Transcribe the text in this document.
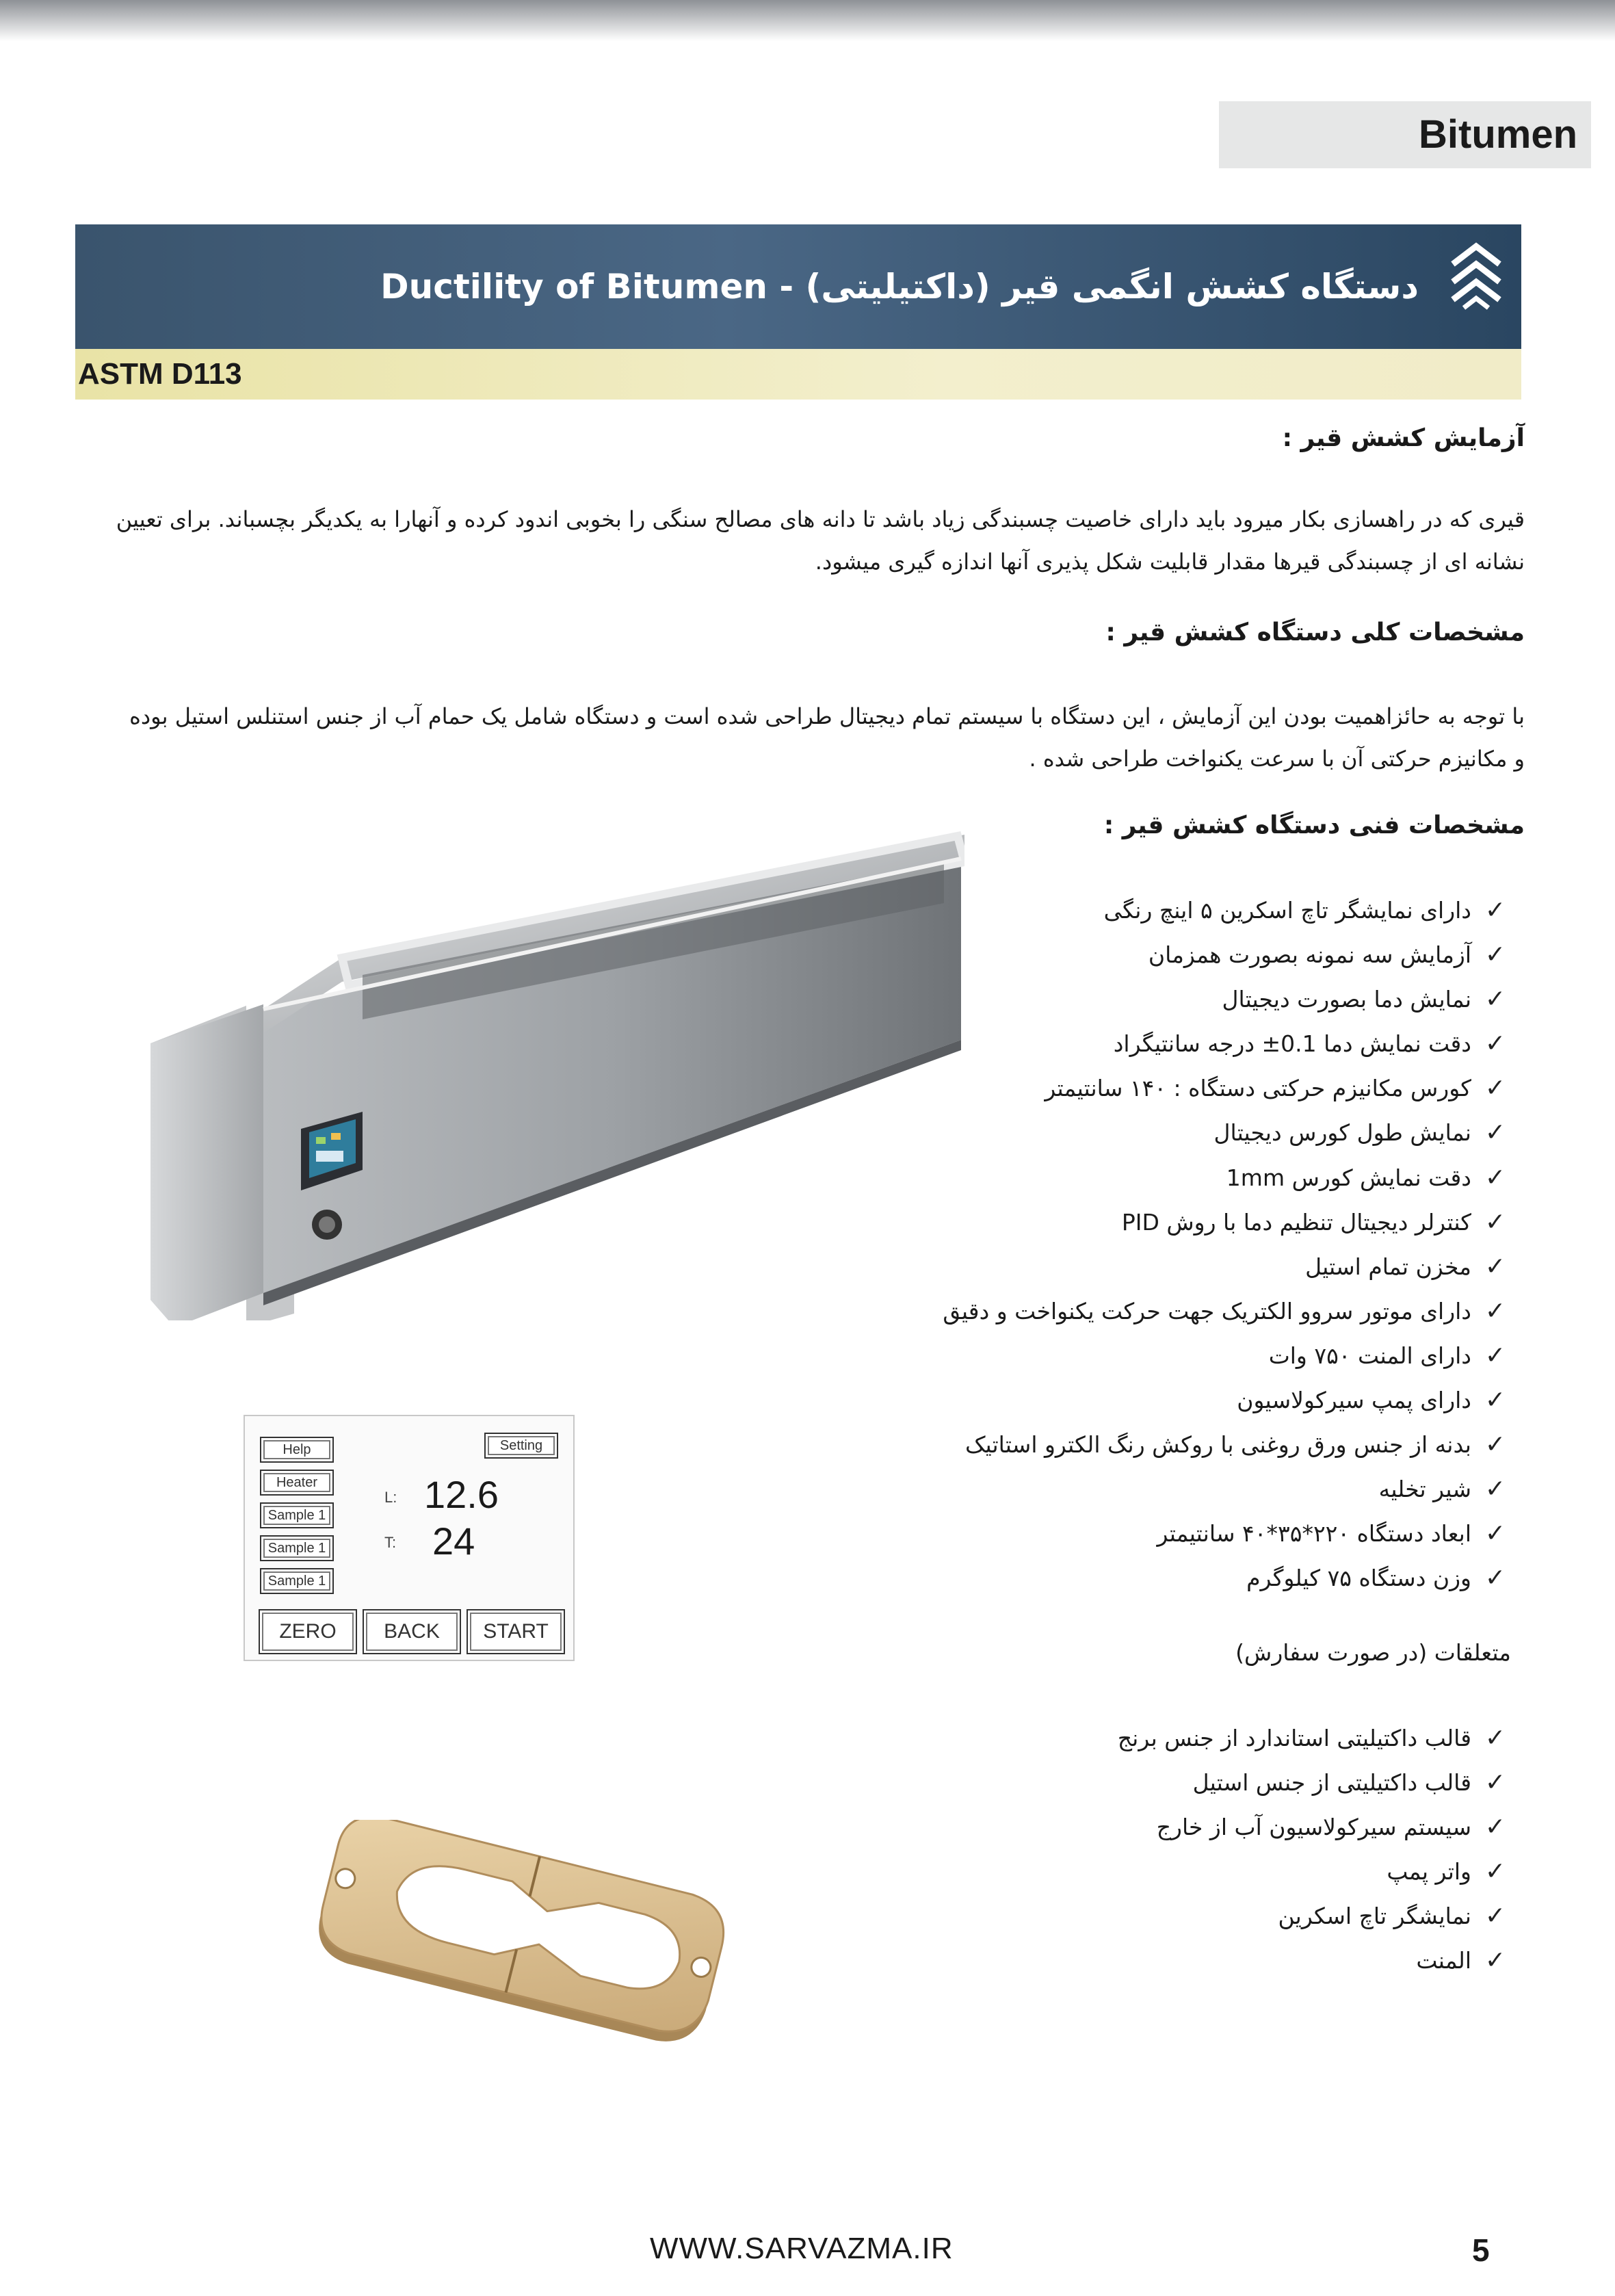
Bitumen
دستگاه کشش انگمی قیر (داکتیلیتی) - Ductility of Bitumen
ASTM D113
آزمایش کشش قیر :
قیری که در راهسازی بکار میرود باید دارای خاصیت چسبندگی زیاد باشد تا دانه های مصالح سنگی را بخوبی اندود کرده و آنهارا به یکدیگر بچسباند. برای تعیین نشانه ای از چسبندگی قیرها مقدار قابلیت شکل پذیری آنها اندازه گیری میشود.
مشخصات کلی دستگاه کشش قیر :
با توجه به حائزاهمیت بودن این آزمایش ، این دستگاه با سیستم تمام دیجیتال طراحی شده است و دستگاه شامل یک حمام آب از جنس استنلس استیل بوده و مکانیزم حرکتی آن با سرعت یکنواخت طراحی شده .
مشخصات فنی دستگاه کشش قیر :
✓دارای نمایشگر تاچ اسکرین ۵ اینچ رنگی
✓آزمایش سه نمونه بصورت همزمان
✓نمایش دما بصورت دیجیتال
✓دقت نمایش دما 0.1± درجه سانتیگراد
✓کورس مکانیزم حرکتی دستگاه : ۱۴۰ سانتیمتر
✓نمایش طول کورس دیجیتال
✓دقت نمایش کورس 1mm
✓کنترلر دیجیتال تنظیم دما با روش PID
✓مخزن تمام استیل
✓دارای موتور سروو الکتریک جهت حرکت یکنواخت و دقیق
✓دارای المنت ۷۵۰ وات
✓دارای پمپ سیرکولاسیون
✓بدنه از جنس ورق روغنی با روکش رنگ الکترو استاتیک
✓شیر تخلیه
✓ابعاد دستگاه ۲۲۰*۳۵*۴۰ سانتیمتر
✓وزن دستگاه ۷۵ کیلوگرم
متعلقات (در صورت سفارش)
✓قالب داکتیلیتی استاندارد از جنس برنج
✓قالب داکتیلیتی از جنس استیل
✓سیستم سیرکولاسیون آب از خارج
✓واتر پمپ
✓نمایشگر تاچ اسکرین
✓المنت
Help
Heater
Sample 1
Sample 1
Sample 1
Setting
L: 12.6
T: 24
ZERO	BACK	START
WWW.SARVAZMA.IR	5
